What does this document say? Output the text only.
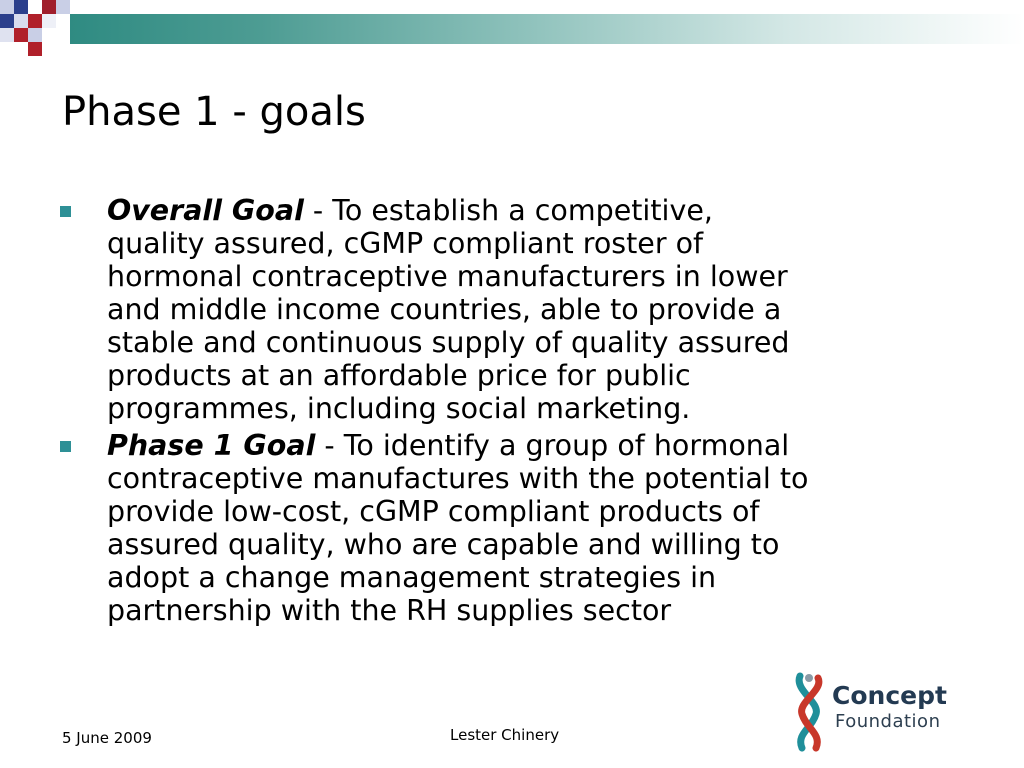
Phase 1 - goals
Overall Goal - To establish a competitive,
quality assured, cGMP compliant roster of
hormonal contraceptive manufacturers in lower
and middle income countries, able to provide a
stable and continuous supply of quality assured
products at an affordable price for public
programmes, including social marketing.
Phase 1 Goal - To identify a group of hormonal
contraceptive manufactures with the potential to
provide low-cost, cGMP compliant products of
assured quality, who are capable and willing to
adopt a change management strategies in
partnership with the RH supplies sector
5 June 2009	Lester Chinery
Concept
Foundation
